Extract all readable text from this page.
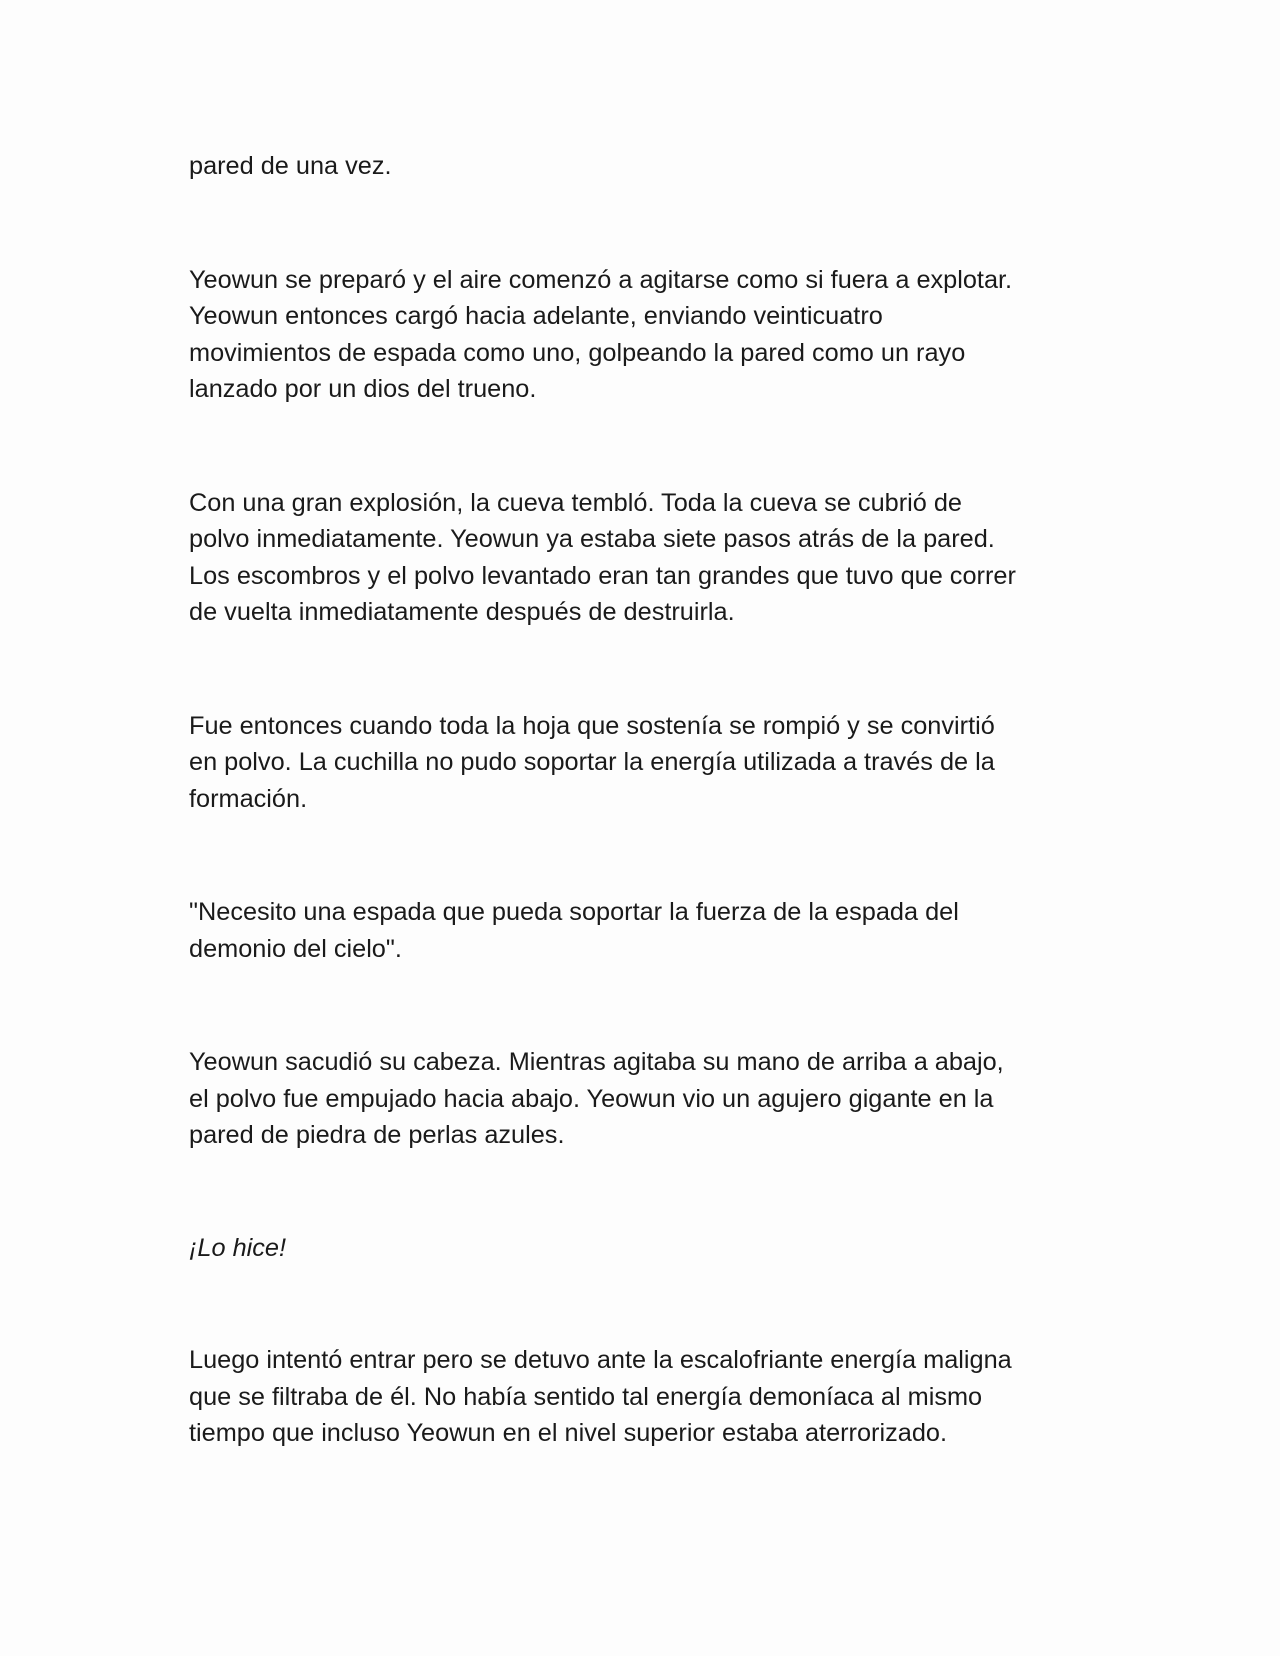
pared de una vez.

Yeowun se preparó y el aire comenzó a agitarse como si fuera a explotar.
Yeowun entonces cargó hacia adelante, enviando veinticuatro
movimientos de espada como uno, golpeando la pared como un rayo
lanzado por un dios del trueno.

Con una gran explosión, la cueva tembló. Toda la cueva se cubrió de
polvo inmediatamente. Yeowun ya estaba siete pasos atrás de la pared.
Los escombros y el polvo levantado eran tan grandes que tuvo que correr
de vuelta inmediatamente después de destruirla.

Fue entonces cuando toda la hoja que sostenía se rompió y se convirtió
en polvo. La cuchilla no pudo soportar la energía utilizada a través de la
formación.

"Necesito una espada que pueda soportar la fuerza de la espada del
demonio del cielo".

Yeowun sacudió su cabeza. Mientras agitaba su mano de arriba a abajo,
el polvo fue empujado hacia abajo. Yeowun vio un agujero gigante en la
pared de piedra de perlas azules.

¡Lo hice!

Luego intentó entrar pero se detuvo ante la escalofriante energía maligna
que se filtraba de él. No había sentido tal energía demoníaca al mismo
tiempo que incluso Yeowun en el nivel superior estaba aterrorizado.
